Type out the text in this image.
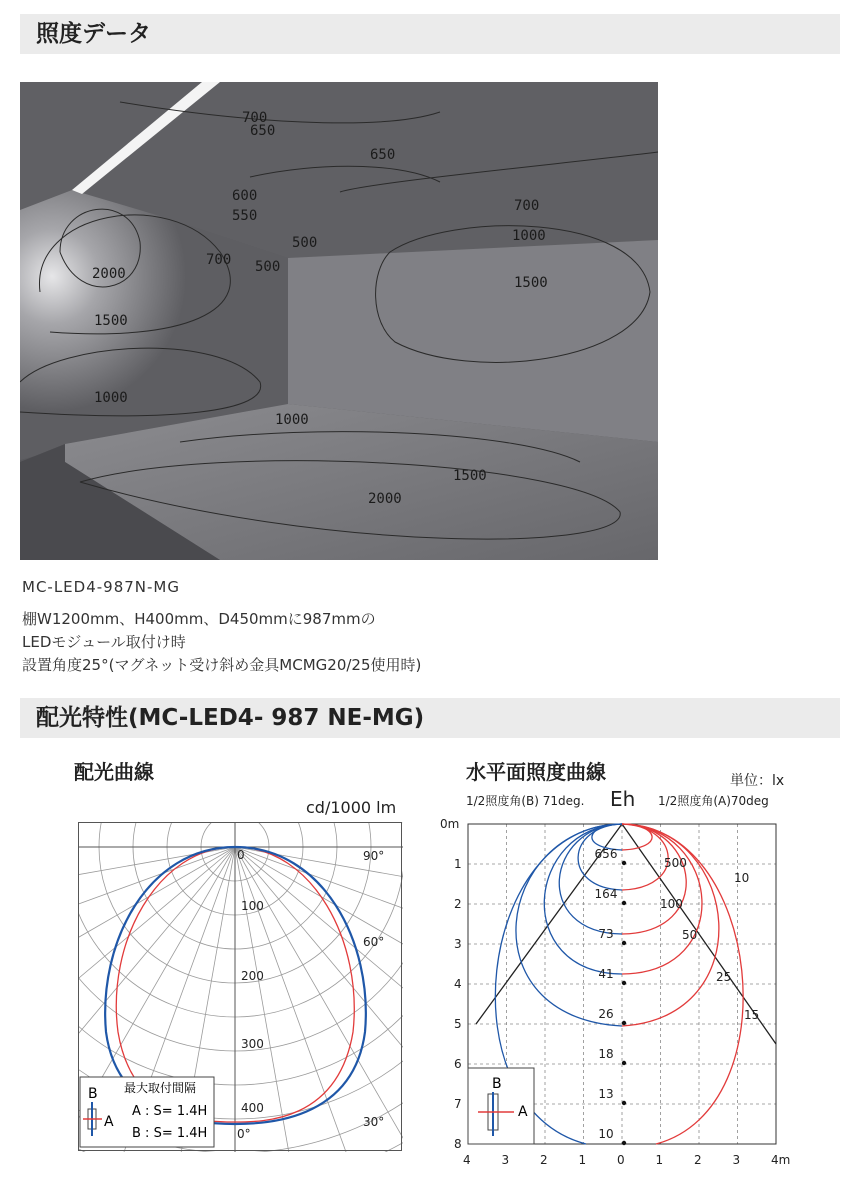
照度データ
700
650
650
600
550
500
700 500
2000
1500
1000
700
1000
1500
1000
1500
2000
MC-LED4-987N-MG
棚W1200mm、H400mm、D450mmに987mmの
LEDモジュール取付け時
設置角度25°(マグネット受け斜め金具MCMG20/25使用時)
配光特性(MC-LED4- 987 NE-MG)
配光曲線	水平面照度曲線
cd/1000 lm
単位：lx
1/2照度角(B) 71deg. Eh 1/2照度角(A)70deg
0
100
200
300
400
90°
60°
30°
0°
B
A
最大取付間隔
A : S= 1.4H
B : S= 1.4H
0m
1
2
3
4
5
6
7
8
4	3	2	1	0	1	2	3	4m
656
164
73
41
26
18
13
10
500
100
50
25
15
10
B
A
